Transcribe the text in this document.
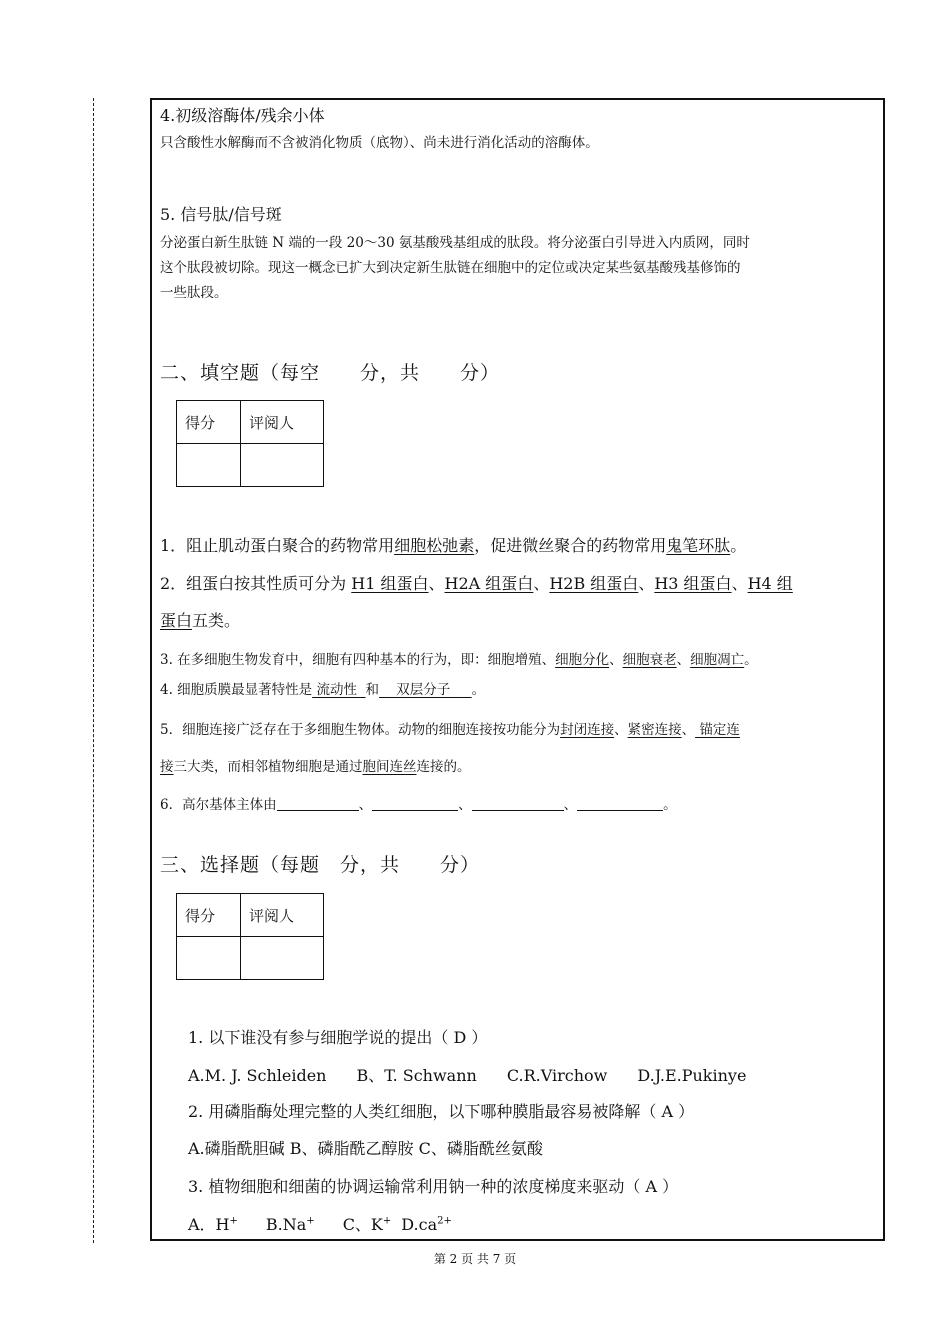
4.初级溶酶体/残余小体
只含酸性水解酶而不含被消化物质（底物）、尚未进行消化活动的溶酶体。
5. 信号肽/信号斑
分泌蛋白新生肽链 N 端的一段 20～30 氨基酸残基组成的肽段。将分泌蛋白引导进入内质网，同时
这个肽段被切除。现这一概念已扩大到决定新生肽链在细胞中的定位或决定某些氨基酸残基修饰的
一些肽段。
二、填空题（每空　　分，共　　分）
得分	评阅人

1．阻止肌动蛋白聚合的药物常用细胞松弛素，促进微丝聚合的药物常用鬼笔环肽。
2．组蛋白按其性质可分为 H1 组蛋白、H2A 组蛋白、H2B 组蛋白、H3 组蛋白、H4 组
蛋白五类。
3. 在多细胞生物发育中，细胞有四种基本的行为，即：细胞增殖、细胞分化、细胞衰老、细胞凋亡。
4. 细胞质膜最显著特性是 流动性  和    双层分子     。
5．细胞连接广泛存在于多细胞生物体。动物的细胞连接按功能分为封闭连接、紧密连接、 锚定连
接三大类，而相邻植物细胞是通过胞间连丝连接的。
6．高尔基体主体由	、	、	、	。
三、选择题（每题　分，共　　分）
得分	评阅人

1. 以下谁没有参与细胞学说的提出（ D ）
A.M. J. Schleiden B、T. Schwann C.R.Virchow D.J.E.Pukinye
2. 用磷脂酶处理完整的人类红细胞，以下哪种膜脂最容易被降解（ A ）
A.磷脂酰胆碱 B、磷脂酰乙醇胺 C、磷脂酰丝氨酸
3. 植物细胞和细菌的协调运输常利用钠一种的浓度梯度来驱动（ A ）
A．H+ B.Na+ C、K+ $D.ca^{2+}$
第 2 页 共 7 页
